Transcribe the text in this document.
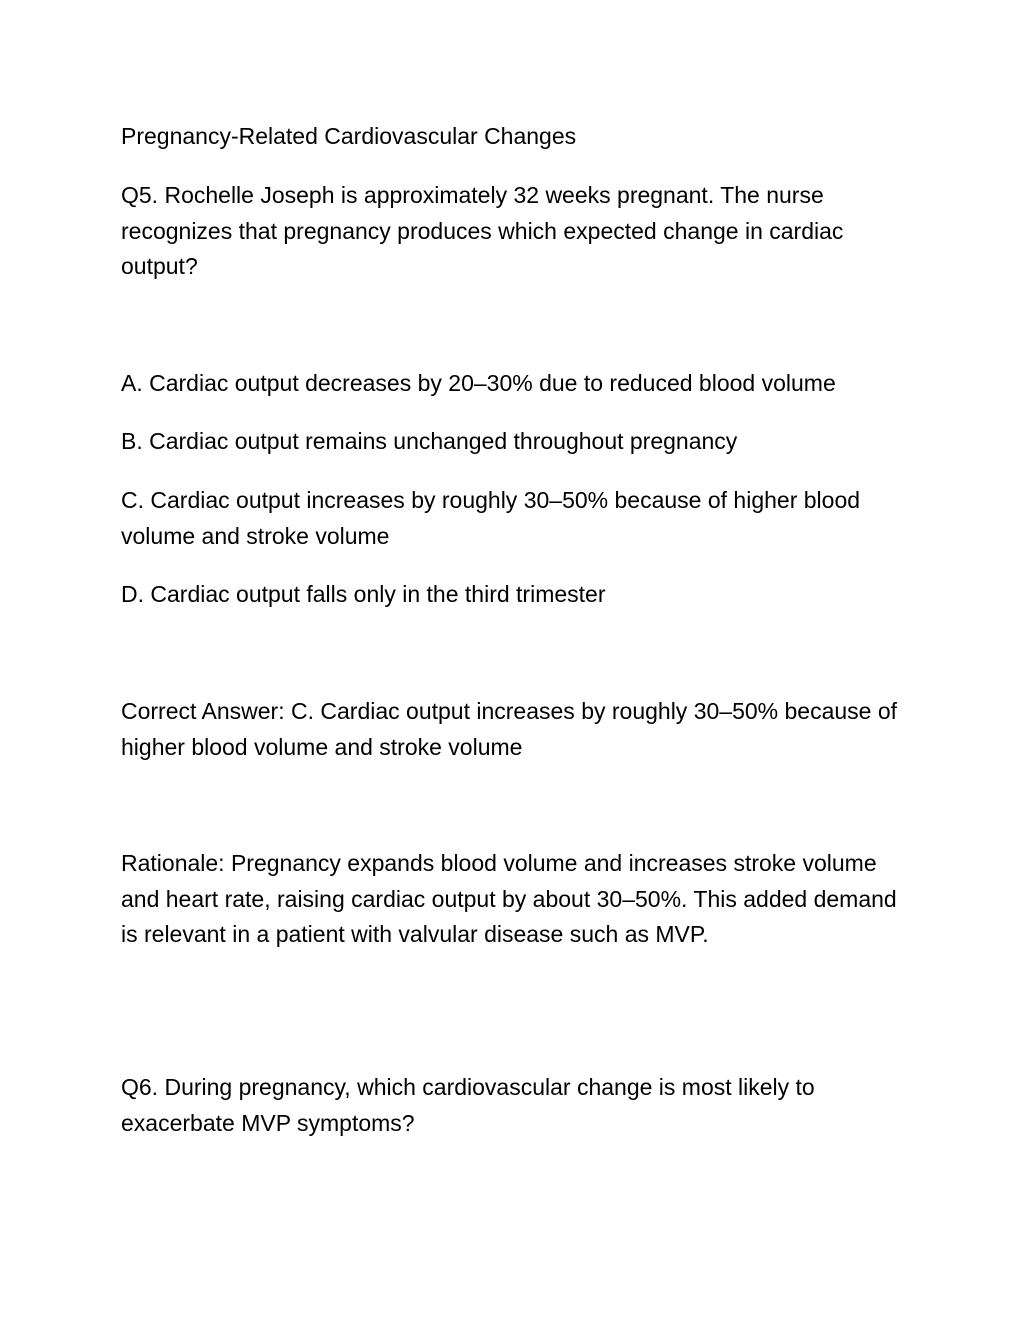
Pregnancy-Related Cardiovascular Changes

Q5. Rochelle Joseph is approximately 32 weeks pregnant. The nurse recognizes that pregnancy produces which expected change in cardiac output?

A. Cardiac output decreases by 20–30% due to reduced blood volume

B. Cardiac output remains unchanged throughout pregnancy

C. Cardiac output increases by roughly 30–50% because of higher blood volume and stroke volume

D. Cardiac output falls only in the third trimester

Correct Answer: C. Cardiac output increases by roughly 30–50% because of higher blood volume and stroke volume

Rationale: Pregnancy expands blood volume and increases stroke volume and heart rate, raising cardiac output by about 30–50%. This added demand is relevant in a patient with valvular disease such as MVP.

Q6. During pregnancy, which cardiovascular change is most likely to exacerbate MVP symptoms?
